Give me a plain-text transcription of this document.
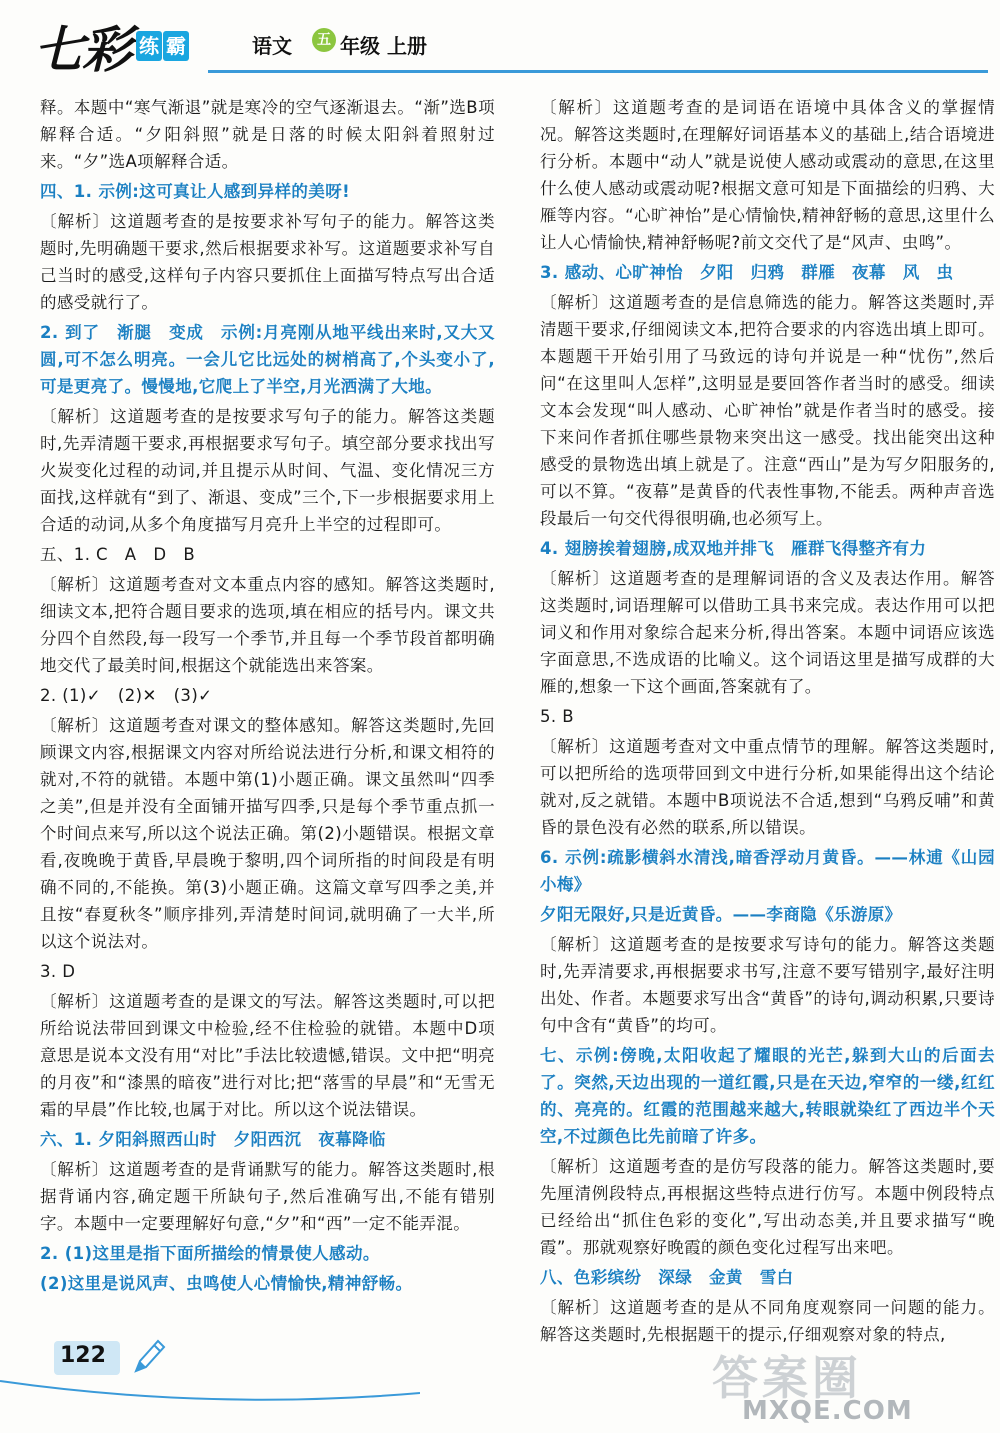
七 彩 练 霸	语文	五 年级 上册

释。本题中“寒气渐退”就是寒冷的空气逐渐退去。“渐”选B项解释合适。“夕阳斜照”就是日落的时候太阳斜着照射过来。“夕”选A项解释合适。

四、1. 示例:这可真让人感到异样的美呀!

〔解析〕这道题考查的是按要求补写句子的能力。解答这类题时,先明确题干要求,然后根据要求补写。这道题要求补写自己当时的感受,这样句子内容只要抓住上面描写特点写出合适的感受就行了。

2. 到了　渐腿　变成　示例:月亮刚从地平线出来时,又大又圆,可不怎么明亮。一会儿它比远处的树梢高了,个头变小了,可是更亮了。慢慢地,它爬上了半空,月光洒满了大地。

〔解析〕这道题考查的是按要求写句子的能力。解答这类题时,先弄清题干要求,再根据要求写句子。填空部分要求找出写火炭变化过程的动词,并且提示从时间、气温、变化情况三方面找,这样就有“到了、渐退、变成”三个,下一步根据要求用上合适的动词,从多个角度描写月亮升上半空的过程即可。

五、1. C　A　D　B

〔解析〕这道题考查对文本重点内容的感知。解答这类题时,细读文本,把符合题目要求的选项,填在相应的括号内。课文共分四个自然段,每一段写一个季节,并且每一个季节段首都明确地交代了最美时间,根据这个就能选出来答案。

2. (1)✓　(2)✕　(3)✓

〔解析〕这道题考查对课文的整体感知。解答这类题时,先回顾课文内容,根据课文内容对所给说法进行分析,和课文相符的就对,不符的就错。本题中第(1)小题正确。课文虽然叫“四季之美”,但是并没有全面铺开描写四季,只是每个季节重点抓一个时间点来写,所以这个说法正确。第(2)小题错误。根据文章看,夜晚晚于黄昏,早晨晚于黎明,四个词所指的时间段是有明确不同的,不能换。第(3)小题正确。这篇文章写四季之美,并且按“春夏秋冬”顺序排列,弄清楚时间词,就明确了一大半,所以这个说法对。

3. D

〔解析〕这道题考查的是课文的写法。解答这类题时,可以把所给说法带回到课文中检验,经不住检验的就错。本题中D项意思是说本文没有用“对比”手法比较遗憾,错误。文中把“明亮的月夜”和“漆黑的暗夜”进行对比;把“落雪的早晨”和“无雪无霜的早晨”作比较,也属于对比。所以这个说法错误。

六、1. 夕阳斜照西山时　夕阳西沉　夜幕降临

〔解析〕这道题考查的是背诵默写的能力。解答这类题时,根据背诵内容,确定题干所缺句子,然后准确写出,不能有错别字。本题中一定要理解好句意,“夕”和“西”一定不能弄混。

2. (1)这里是指下面所描绘的情景使人感动。

(2)这里是说风声、虫鸣使人心情愉快,精神舒畅。

〔解析〕这道题考查的是词语在语境中具体含义的掌握情况。解答这类题时,在理解好词语基本义的基础上,结合语境进行分析。本题中“动人”就是说使人感动或震动的意思,在这里什么使人感动或震动呢?根据文意可知是下面描绘的归鸦、大雁等内容。“心旷神怡”是心情愉快,精神舒畅的意思,这里什么让人心情愉快,精神舒畅呢?前文交代了是“风声、虫鸣”。

3. 感动、心旷神怡　夕阳　归鸦　群雁　夜幕　风　虫

〔解析〕这道题考查的是信息筛选的能力。解答这类题时,弄清题干要求,仔细阅读文本,把符合要求的内容选出填上即可。本题题干开始引用了马致远的诗句并说是一种“忧伤”,然后问“在这里叫人怎样”,这明显是要回答作者当时的感受。细读文本会发现“叫人感动、心旷神怡”就是作者当时的感受。接下来问作者抓住哪些景物来突出这一感受。找出能突出这种感受的景物选出填上就是了。注意“西山”是为写夕阳服务的,可以不算。“夜幕”是黄昏的代表性事物,不能丢。两种声音选段最后一句交代得很明确,也必须写上。

4. 翅膀挨着翅膀,成双地并排飞　雁群飞得整齐有力

〔解析〕这道题考查的是理解词语的含义及表达作用。解答这类题时,词语理解可以借助工具书来完成。表达作用可以把词义和作用对象综合起来分析,得出答案。本题中词语应该选字面意思,不选成语的比喻义。这个词语这里是描写成群的大雁的,想象一下这个画面,答案就有了。

5. B

〔解析〕这道题考查对文中重点情节的理解。解答这类题时,可以把所给的选项带回到文中进行分析,如果能得出这个结论就对,反之就错。本题中B项说法不合适,想到“乌鸦反哺”和黄昏的景色没有必然的联系,所以错误。

6. 示例:疏影横斜水清浅,暗香浮动月黄昏。——林逋《山园小梅》

夕阳无限好,只是近黄昏。——李商隐《乐游原》

〔解析〕这道题考查的是按要求写诗句的能力。解答这类题时,先弄清要求,再根据要求书写,注意不要写错别字,最好注明出处、作者。本题要求写出含“黄昏”的诗句,调动积累,只要诗句中含有“黄昏”的均可。

七、示例:傍晚,太阳收起了耀眼的光芒,躲到大山的后面去了。突然,天边出现的一道红霞,只是在天边,窄窄的一缕,红红的、亮亮的。红霞的范围越来越大,转眼就染红了西边半个天空,不过颜色比先前暗了许多。

〔解析〕这道题考查的是仿写段落的能力。解答这类题时,要先厘清例段特点,再根据这些特点进行仿写。本题中例段特点已经给出“抓住色彩的变化”,写出动态美,并且要求描写“晚霞”。那就观察好晚霞的颜色变化过程写出来吧。

八、色彩缤纷　深绿　金黄　雪白

〔解析〕这道题考查的是从不同角度观察同一问题的能力。解答这类题时,先根据题干的提示,仔细观察对象的特点,

122	答案圈
MXQE.COM
